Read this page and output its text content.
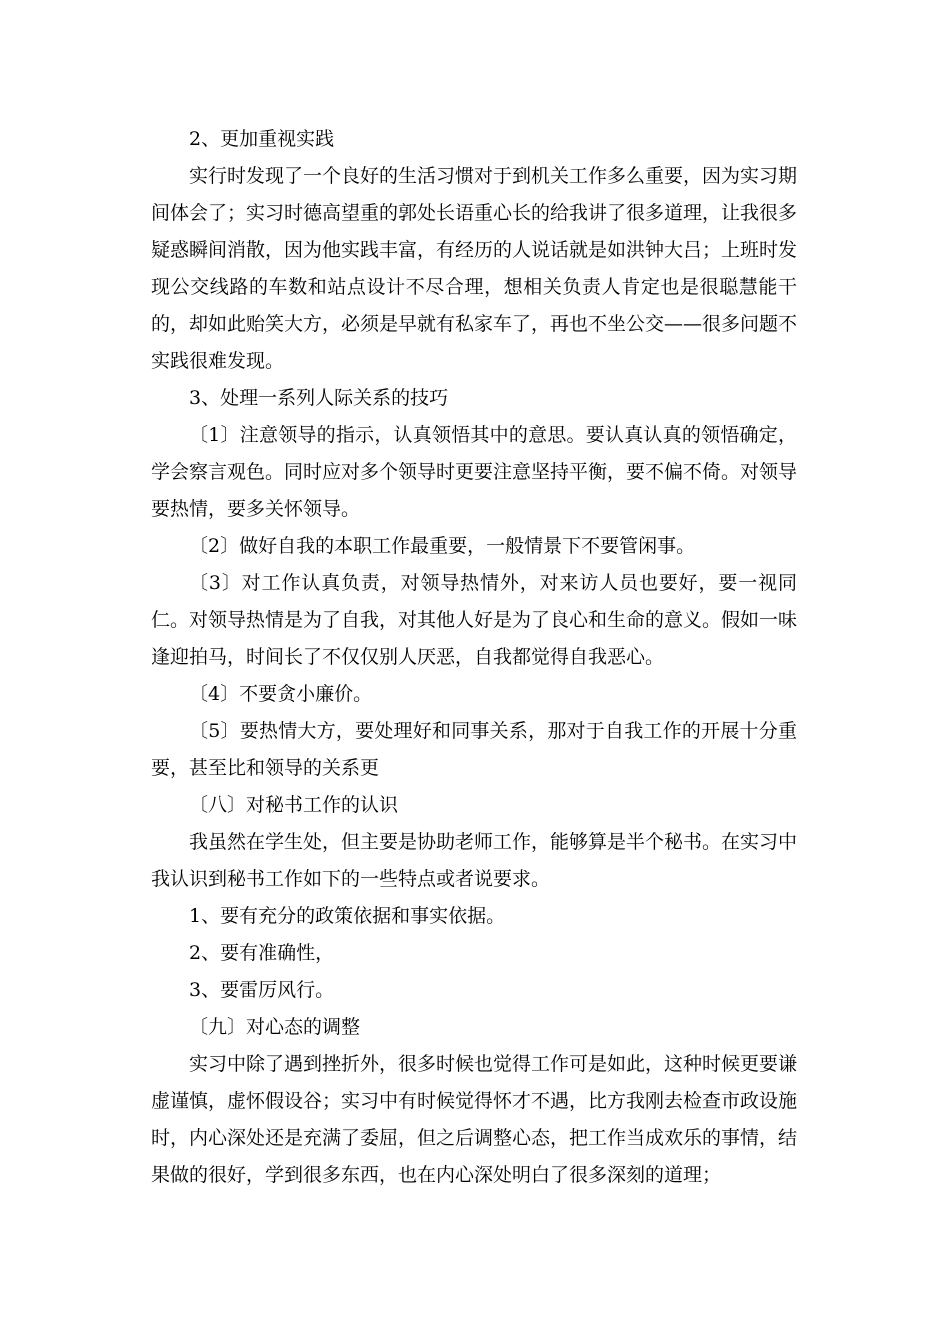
2、更加重视实践

实行时发现了一个良好的生活习惯对于到机关工作多么重要，因为实习期间体会了；实习时德高望重的郭处长语重心长的给我讲了很多道理，让我很多疑惑瞬间消散，因为他实践丰富，有经历的人说话就是如洪钟大吕；上班时发现公交线路的车数和站点设计不尽合理，想相关负责人肯定也是很聪慧能干的，却如此贻笑大方，必须是早就有私家车了，再也不坐公交——很多问题不实践很难发现。

3、处理一系列人际关系的技巧

〔1〕注意领导的指示，认真领悟其中的意思。要认真认真的领悟确定，学会察言观色。同时应对多个领导时更要注意坚持平衡，要不偏不倚。对领导要热情，要多关怀领导。

〔2〕做好自我的本职工作最重要，一般情景下不要管闲事。

〔3〕对工作认真负责，对领导热情外，对来访人员也要好，要一视同仁。对领导热情是为了自我，对其他人好是为了良心和生命的意义。假如一味逢迎拍马，时间长了不仅仅别人厌恶，自我都觉得自我恶心。

〔4〕不要贪小廉价。

〔5〕要热情大方，要处理好和同事关系，那对于自我工作的开展十分重要，甚至比和领导的关系更

〔八〕对秘书工作的认识

我虽然在学生处，但主要是协助老师工作，能够算是半个秘书。在实习中我认识到秘书工作如下的一些特点或者说要求。

1、要有充分的政策依据和事实依据。

2、要有准确性，

3、要雷厉风行。

〔九〕对心态的调整

实习中除了遇到挫折外，很多时候也觉得工作可是如此，这种时候更要谦虚谨慎，虚怀假设谷；实习中有时候觉得怀才不遇，比方我刚去检查市政设施时，内心深处还是充满了委屈，但之后调整心态，把工作当成欢乐的事情，结果做的很好，学到很多东西，也在内心深处明白了很多深刻的道理；
